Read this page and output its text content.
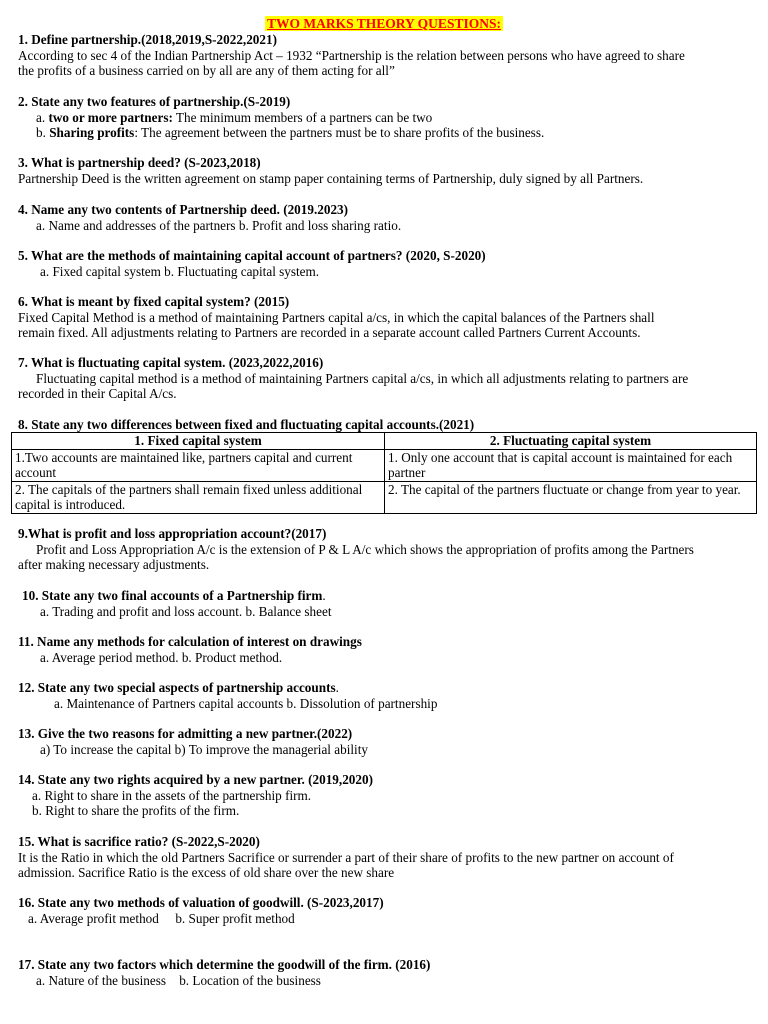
TWO MARKS THEORY QUESTIONS:

1. Define partnership.(2018,2019,S-2022,2021)

According to sec 4 of the Indian Partnership Act – 1932 “Partnership is the relation between persons who have agreed to share

the profits of a business carried on by all are any of them acting for all”

2. State any two features of partnership.(S-2019)

a. two or more partners: The minimum members of a partners can be two

b. Sharing profits: The agreement between the partners must be to share profits of the business.

3. What is partnership deed? (S-2023,2018)

Partnership Deed is the written agreement on stamp paper containing terms of Partnership, duly signed by all Partners.

4. Name any two contents of Partnership deed. (2019.2023)

a. Name and addresses of the partners b. Profit and loss sharing ratio.

5. What are the methods of maintaining capital account of partners? (2020, S-2020)

a. Fixed capital system b. Fluctuating capital system.

6. What is meant by fixed capital system? (2015)

Fixed Capital Method is a method of maintaining Partners capital a/cs, in which the capital balances of the Partners shall

remain fixed. All adjustments relating to Partners are recorded in a separate account called Partners Current Accounts.

7. What is fluctuating capital system. (2023,2022,2016)

Fluctuating capital method is a method of maintaining Partners capital a/cs, in which all adjustments relating to partners are

recorded in their Capital A/cs.

8. State any two differences between fixed and fluctuating capital accounts.(2021)

1. Fixed capital system	2. Fluctuating capital system
1.Two accounts are maintained like, partners capital and current account	1. Only one account that is capital account is maintained for each partner
2. The capitals of the partners shall remain fixed unless additional capital is introduced.	2. The capital of the partners fluctuate or change from year to year.

9.What is profit and loss appropriation account?(2017)

Profit and Loss Appropriation A/c is the extension of P & L A/c which shows the appropriation of profits among the Partners

after making necessary adjustments.

10. State any two final accounts of a Partnership firm.

a. Trading and profit and loss account. b. Balance sheet

11. Name any methods for calculation of interest on drawings

a. Average period method. b. Product method.

12. State any two special aspects of partnership accounts.

a. Maintenance of Partners capital accounts b. Dissolution of partnership

13. Give the two reasons for admitting a new partner.(2022)

a) To increase the capital b) To improve the managerial ability

14. State any two rights acquired by a new partner. (2019,2020)

a. Right to share in the assets of the partnership firm.

b. Right to share the profits of the firm.

15. What is sacrifice ratio? (S-2022,S-2020)

It is the Ratio in which the old Partners Sacrifice or surrender a part of their share of profits to the new partner on account of

admission. Sacrifice Ratio is the excess of old share over the new share

16. State any two methods of valuation of goodwill. (S-2023,2017)

a. Average profit method     b. Super profit method

17. State any two factors which determine the goodwill of the firm. (2016)

a. Nature of the business    b. Location of the business
